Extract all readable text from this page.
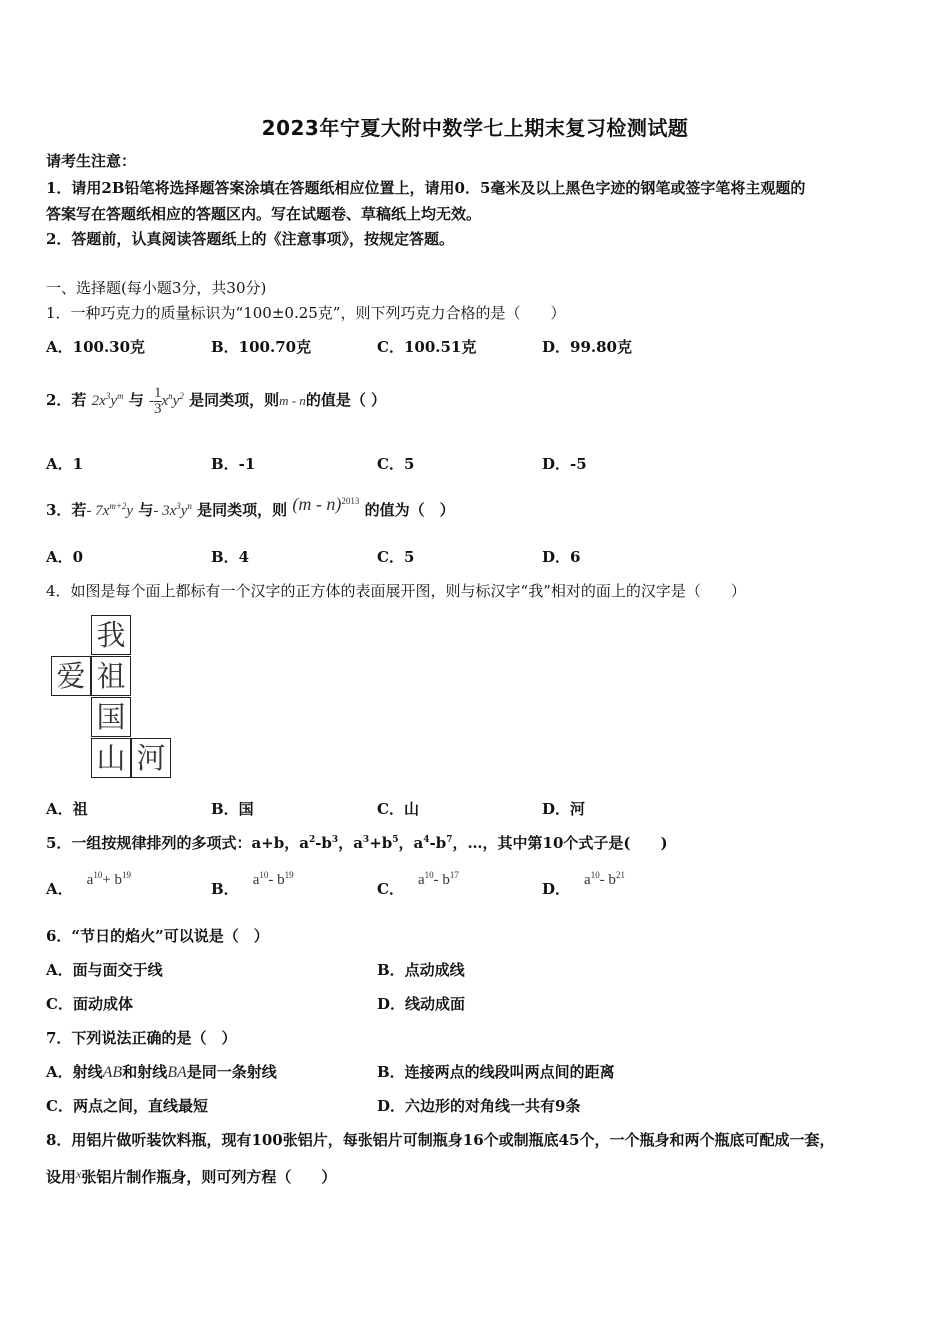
2023年宁夏大附中数学七上期末复习检测试题
请考生注意：
1．请用2B铅笔将选择题答案涂填在答题纸相应位置上，请用0．5毫米及以上黑色字迹的钢笔或签字笔将主观题的
答案写在答题纸相应的答题区内。写在试题卷、草稿纸上均无效。
2．答题前，认真阅读答题纸上的《注意事项》，按规定答题。
一、选择题(每小题3分，共30分)
1．一种巧克力的质量标识为“100±0.25克”，则下列巧克力合格的是（　　）
A．100.30克	B．100.70克	C．100.51克	D．99.80克
2．若 $2x^3y^m$ 与 $-\frac{1}{3} x^ny^2$ 是同类项，则m - n的值是（ ）
A．1	B．-1	C．5	D．-5
3．若- $7x^{m+2}y$ 与- $3x^3y^n$ 是同类项，则 (m - n)$^{2013}$ 的值为（　）
A．0	B．4	C．5	D．6
4．如图是每个面上都标有一个汉字的正方体的表面展开图，则与标汉字“我”相对的面上的汉字是（　　）
我
爱 祖
国
山 河
A．祖	B．国	C．山	D．河
5．一组按规律排列的多项式：a+b，$a^2-b^3$，$a^3+b^5$，$a^4-b^7$，…，其中第10个式子是(　　)
A． $a^{10}+ b^{19}$
B． $a^{10}-$ $b^{19}$
C． $a^{10}-$ $b^{17}$
D． $a^{10}-$ $b^{21}$
6．“节日的焰火”可以说是（　）
A．面与面交于线	B．点动成线
C．面动成体	D．线动成面
7．下列说法正确的是（　）
A．射线AB和射线BA是同一条射线	B．连接两点的线段叫两点间的距离
C．两点之间，直线最短	D．六边形的对角线一共有9条
8．用铝片做听装饮料瓶，现有100张铝片，每张铝片可制瓶身16个或制瓶底45个，一个瓶身和两个瓶底可配成一套，
设用$^x$张铝片制作瓶身，则可列方程（　　）
